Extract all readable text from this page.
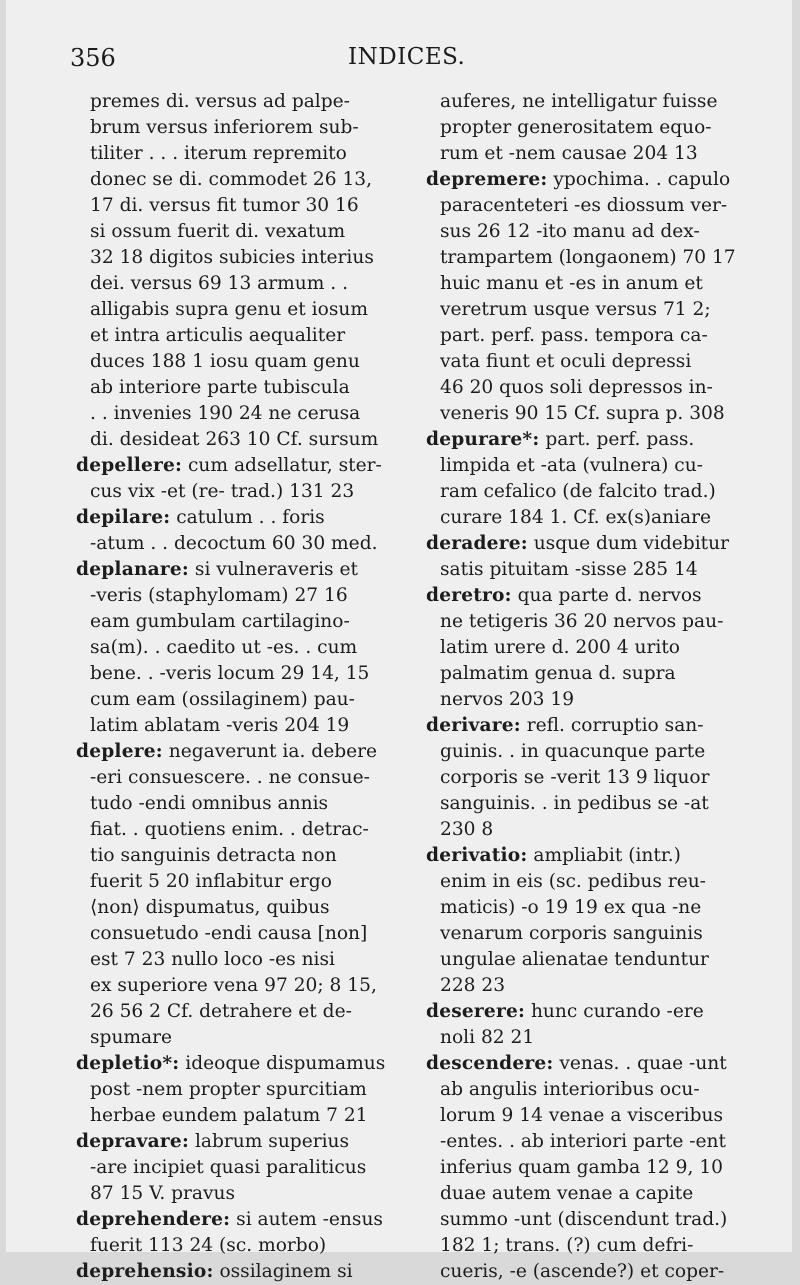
356	INDICES.
premes di. versus ad palpe-
brum versus inferiorem sub-
tiliter . . . iterum repremito
donec se di. commodet 26 13,
17 di. versus fit tumor 30 16
si ossum fuerit di. vexatum
32 18 digitos subicies interius
dei. versus 69 13 armum . .
alligabis supra genu et iosum
et intra articulis aequaliter
duces 188 1 iosu quam genu
ab interiore parte tubiscula
. . invenies 190 24 ne cerusa
di. desideat 263 10 Cf. sursum
depellere: cum adsellatur, ster-
cus vix -et (re- trad.) 131 23
depilare: catulum . . foris
-atum . . decoctum 60 30 med.
deplanare: si vulneraveris et
-veris (staphylomam) 27 16
eam gumbulam cartilagino-
sa(m). . caedito ut -es. . cum
bene. . -veris locum 29 14, 15
cum eam (ossilaginem) pau-
latim ablatam -veris 204 19
deplere: negaverunt ia. debere
-eri consuescere. . ne consue-
tudo -endi omnibus annis
fiat. . quotiens enim. . detrac-
tio sanguinis detracta non
fuerit 5 20 inflabitur ergo
⟨non⟩ dispumatus, quibus
consuetudo -endi causa [non]
est 7 23 nullo loco -es nisi
ex superiore vena 97 20; 8 15,
26 56 2 Cf. detrahere et de-
spumare
depletio*: ideoque dispumamus
post -nem propter spurcitiam
herbae eundem palatum 7 21
depravare: labrum superius
-are incipiet quasi paraliticus
87 15 V. pravus
deprehendere: si autem -ensus
fuerit 113 24 (sc. morbo)
deprehensio: ossilaginem si
auferes, ne intelligatur fuisse
propter generositatem equo-
rum et -nem causae 204 13
depremere: ypochima. . capulo
paracenteteri -es diossum ver-
sus 26 12 -ito manu ad dex-
trampartem (longaonem) 70 17
huic manu et -es in anum et
veretrum usque versus 71 2;
part. perf. pass. tempora ca-
vata fiunt et oculi depressi
46 20 quos soli depressos in-
veneris 90 15 Cf. supra p. 308
depurare*: part. perf. pass.
limpida et -ata (vulnera) cu-
ram cefalico (de falcito trad.)
curare 184 1. Cf. ex(s)aniare
deradere: usque dum videbitur
satis pituitam -sisse 285 14
deretro: qua parte d. nervos
ne tetigeris 36 20 nervos pau-
latim urere d. 200 4 urito
palmatim genua d. supra
nervos 203 19
derivare: refl. corruptio san-
guinis. . in quacunque parte
corporis se -verit 13 9 liquor
sanguinis. . in pedibus se -at
230 8
derivatio: ampliabit (intr.)
enim in eis (sc. pedibus reu-
maticis) -o 19 19 ex qua -ne
venarum corporis sanguinis
ungulae alienatae tenduntur
228 23
deserere: hunc curando -ere
noli 82 21
descendere: venas. . quae -unt
ab angulis interioribus ocu-
lorum 9 14 venae a visceribus
-entes. . ab interiori parte -ent
inferius quam gamba 12 9, 10
duae autem venae a capite
summo -unt (discendunt trad.)
182 1; trans. (?) cum defri-
cueris, -e (ascende?) et coper-
